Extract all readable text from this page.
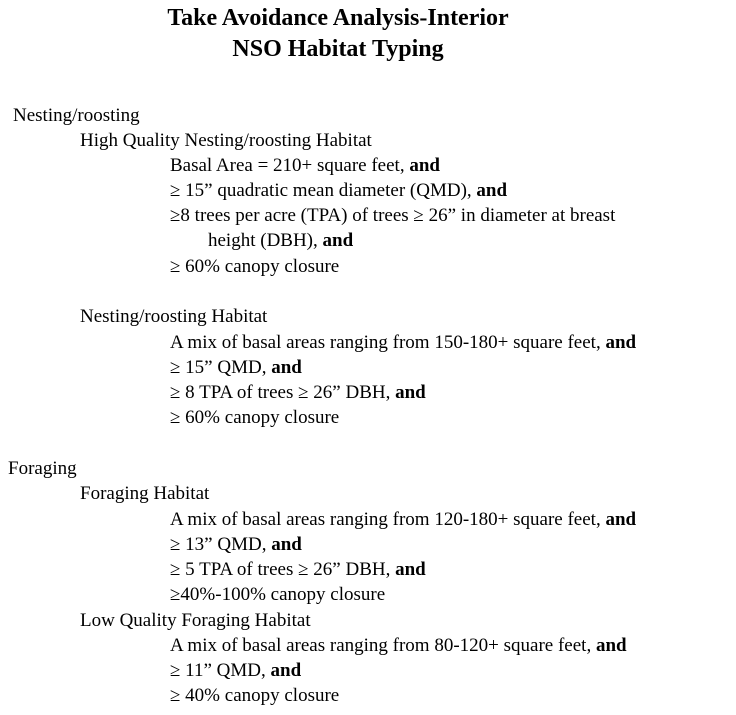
Take Avoidance Analysis-Interior
NSO Habitat Typing
Nesting/roosting
High Quality Nesting/roosting Habitat
Basal Area = 210+ square feet, and
≥ 15” quadratic mean diameter (QMD), and
≥8 trees per acre (TPA) of trees ≥ 26” in diameter at breast
height (DBH), and
≥ 60% canopy closure
Nesting/roosting Habitat
A mix of basal areas ranging from 150-180+ square feet, and
≥ 15” QMD, and
≥ 8 TPA of trees ≥ 26” DBH, and
≥ 60% canopy closure
Foraging
Foraging Habitat
A mix of basal areas ranging from 120-180+ square feet, and
≥ 13” QMD, and
≥ 5 TPA of trees ≥ 26” DBH, and
≥40%-100% canopy closure
Low Quality Foraging Habitat
A mix of basal areas ranging from 80-120+ square feet, and
≥ 11” QMD, and
≥ 40% canopy closure
